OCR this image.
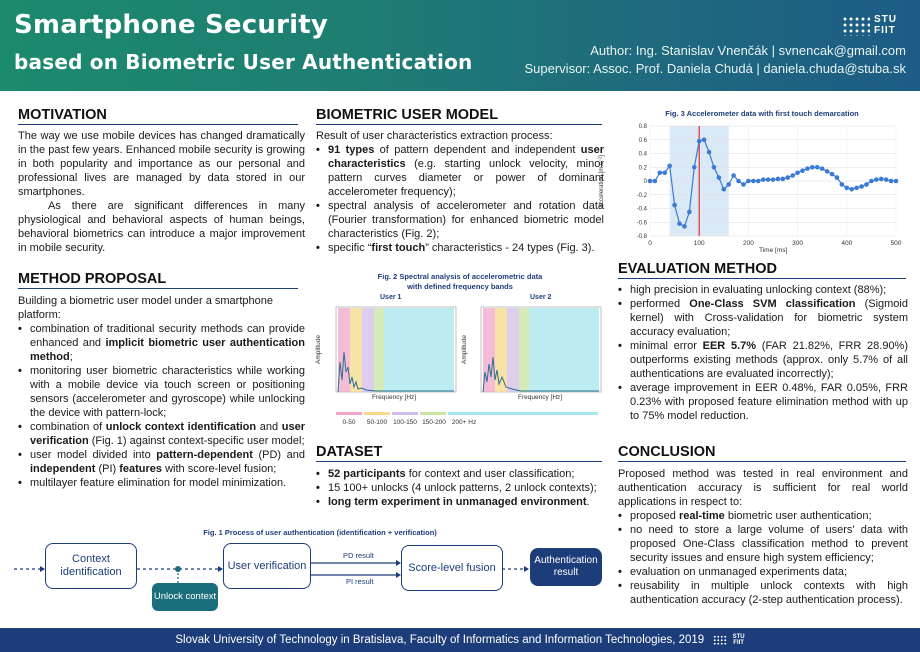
Smartphone Security
based on Biometric User Authentication
STU
FIIT
Author: Ing. Stanislav Vnenčák | svnencak@gmail.com
Supervisor: Assoc. Prof. Daniela Chudá | daniela.chuda@stuba.sk
MOTIVATION

The way we use mobile devices has changed dramatically in the past few years. Enhanced mobile security is growing in both popularity and importance as our personal and professional lives are managed by data stored in our smartphones.

As there are significant differences in many physiological and behavioral aspects of human beings, behavioral biometrics can introduce a major improvement in mobile security.

METHOD PROPOSAL

Building a biometric user model under a smartphone platform:

• combination of traditional security methods can provide enhanced and implicit biometric user authentication method;
• monitoring user biometric characteristics while working with a mobile device via touch screen or positioning sensors (accelerometer and gyroscope) while unlocking the device with pattern-lock;
• combination of unlock context identification and user verification (Fig. 1) against context-specific user model;
• user model divided into pattern-dependent (PD) and independent (PI) features with score-level fusion;
• multilayer feature elimination for model minimization.
BIOMETRIC USER MODEL

Result of user characteristics extraction process:

• 91 types of pattern dependent and independent user characteristics (e.g. starting unlock velocity, minor pattern curves diameter or power of dominant accelerometer frequency);
• spectral analysis of accelerometer and rotation data (Fourier transformation) for enhanced biometric model characteristics (Fig. 2);
• specific “first touch” characteristics - 24 types (Fig. 3).
Fig. 2 Spectral analysis of accelerometric data
with defined frequency bands
User 1	User 2
Frequency [Hz]	Frequency [Hz]
Amplitude	Amplitude
0-50	50-100 100-150 150-200 200+ Hz
DATASET
• 52 participants for context and user classification;
• 15 100+ unlocks (4 unlock patterns, 2 unlock contexts);
• long term experiment in unmanaged environment.
Fig. 3 Accelerometer data with first touch demarcation
0.8
0.6
0.4
0.2
0
-0.2
-0.4
-0.6
-0.8
0	100	200	300	400	500
Time [ms]
Acceleration [m.s⁻²]
EVALUATION METHOD
• high precision in evaluating unlocking context (88%);
• performed One-Class SVM classification (Sigmoid kernel) with Cross-validation for biometric system accuracy evaluation;
• minimal error EER 5.7% (FAR 21.82%, FRR 28.90%) outperforms existing methods (approx. only 5.7% of all authentications are evaluated incorrectly);
• average improvement in EER 0.48%, FAR 0.05%, FRR 0.23% with proposed feature elimination method with up to 75% model reduction.
CONCLUSION

Proposed method was tested in real environment and authentication accuracy is sufficient for real world applications in respect to:

• proposed real-time biometric user authentication;
• no need to store a large volume of users' data with proposed One-Class classification method to prevent security issues and ensure high system efficiency;
• evaluation on unmanaged experiments data;
• reusability in multiple unlock contexts with high authentication accuracy (2-step authentication process).
Fig. 1 Process of user authentication (identification + verification)
Context identification
Unlock context
User verification
PD result
PI result
Score-level fusion
Authentication result
Slovak University of Technology in Bratislava, Faculty of Informatics and Information Technologies, 2019	STU
FIIT
